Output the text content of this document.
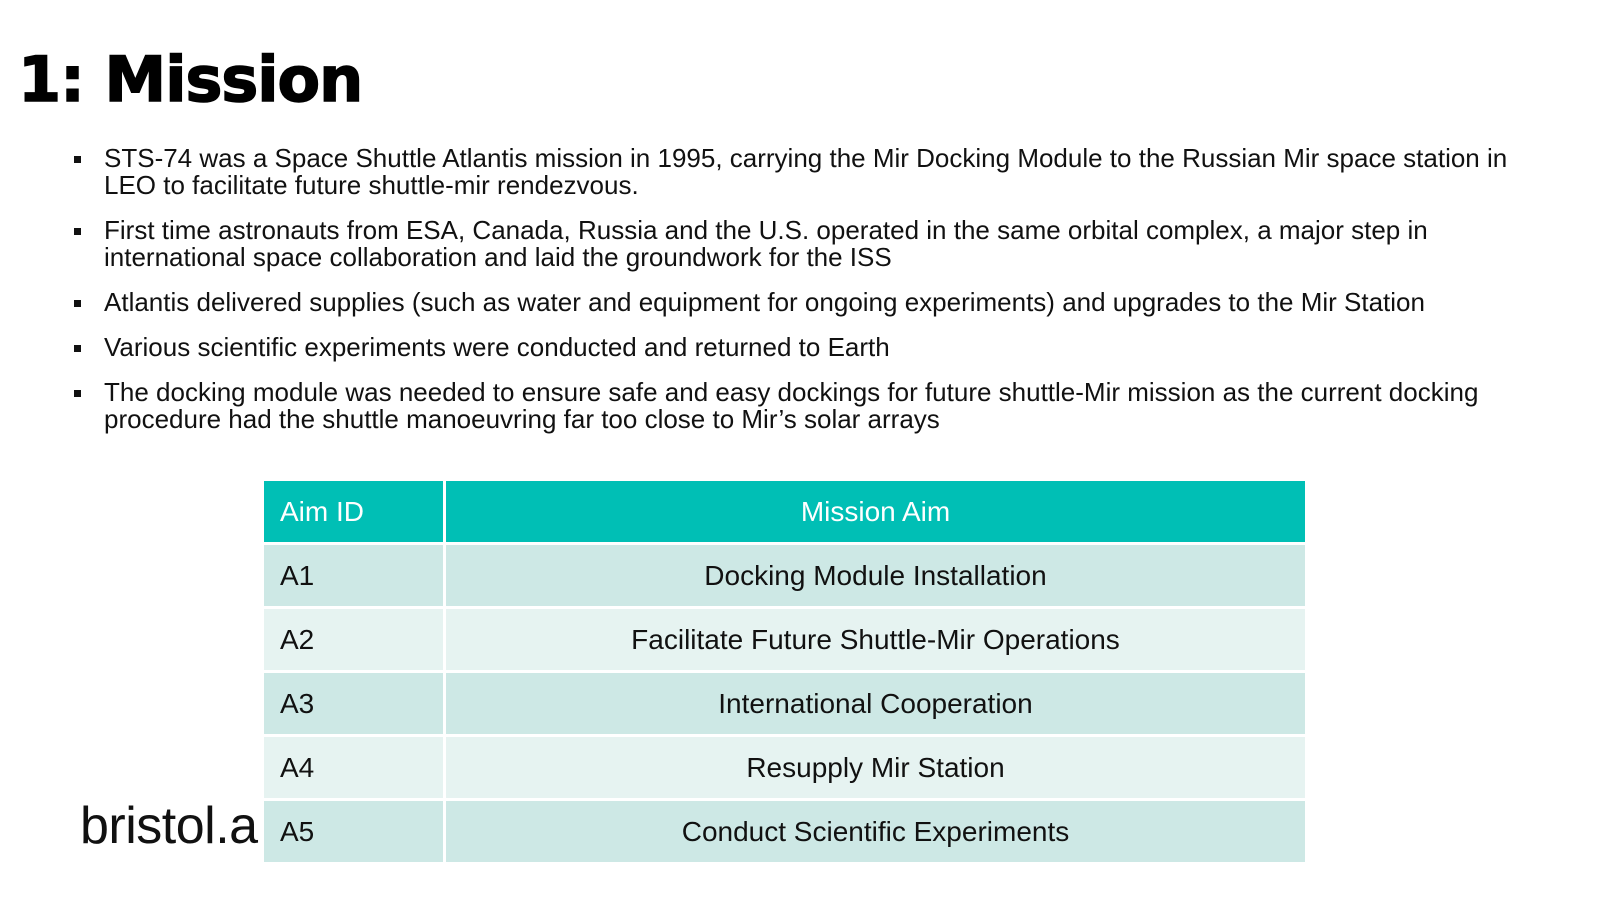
1: Mission
STS-74 was a Space Shuttle Atlantis mission in 1995, carrying the Mir Docking Module to the Russian Mir space station in LEO to facilitate future shuttle-mir rendezvous.
First time astronauts from ESA, Canada, Russia and the U.S. operated in the same orbital complex, a major step in international space collaboration and laid the groundwork for the ISS
Atlantis delivered supplies (such as water and equipment for ongoing experiments) and upgrades to the Mir Station
Various scientific experiments were conducted and returned to Earth
The docking module was needed to ensure safe and easy dockings for future shuttle-Mir mission as the current docking procedure had the shuttle manoeuvring far too close to Mir’s solar arrays
bristol.a
Aim ID	Mission Aim
A1	Docking Module Installation
A2	Facilitate Future Shuttle-Mir Operations
A3	International Cooperation
A4	Resupply Mir Station
A5	Conduct Scientific Experiments
